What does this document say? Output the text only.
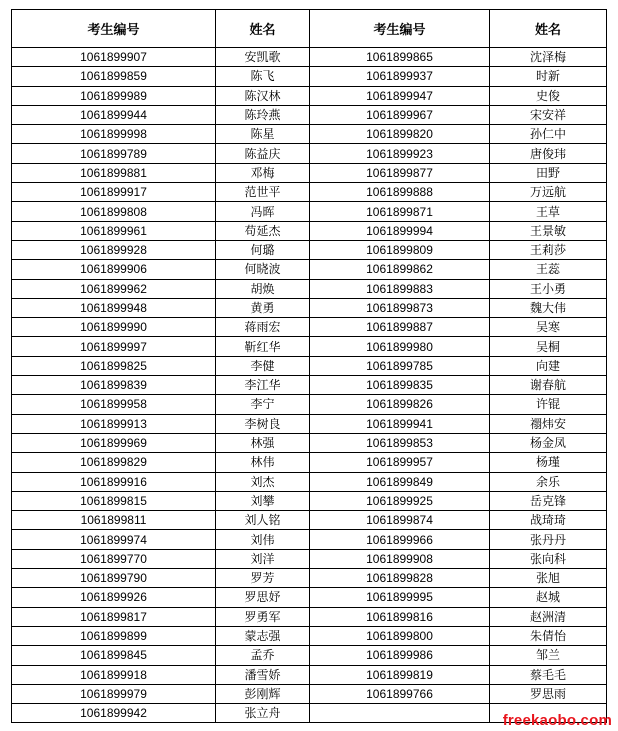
考生编号	姓名	考生编号	姓名
1061899907	安凯歌	1061899865	沈泽梅
1061899859	陈飞	1061899937	时新
1061899989	陈汉林	1061899947	史俊
1061899944	陈玲燕	1061899967	宋安祥
1061899998	陈星	1061899820	孙仁中
1061899789	陈益庆	1061899923	唐俊玮
1061899881	邓梅	1061899877	田野
1061899917	范世平	1061899888	万远航
1061899808	冯晖	1061899871	王草
1061899961	苟延杰	1061899994	王景敏
1061899928	何璐	1061899809	王莉莎
1061899906	何晓波	1061899862	王蕊
1061899962	胡焕	1061899883	王小勇
1061899948	黄勇	1061899873	魏大伟
1061899990	蒋雨宏	1061899887	吴寒
1061899997	靳红华	1061899980	吴桐
1061899825	李健	1061899785	向建
1061899839	李江华	1061899835	谢春航
1061899958	李宁	1061899826	许锟
1061899913	李树良	1061899941	禤炜安
1061899969	林强	1061899853	杨金凤
1061899829	林伟	1061899957	杨瑾
1061899916	刘杰	1061899849	余乐
1061899815	刘攀	1061899925	岳克锋
1061899811	刘人铭	1061899874	战琦琦
1061899974	刘伟	1061899966	张丹丹
1061899770	刘洋	1061899908	张向科
1061899790	罗芳	1061899828	张旭
1061899926	罗思妤	1061899995	赵城
1061899817	罗勇军	1061899816	赵洲清
1061899899	蒙志强	1061899800	朱倩怡
1061899845	孟乔	1061899986	邹兰
1061899918	潘雪娇	1061899819	蔡毛毛
1061899979	彭刚辉	1061899766	罗思雨
1061899942	张立舟			freekaobo.com
